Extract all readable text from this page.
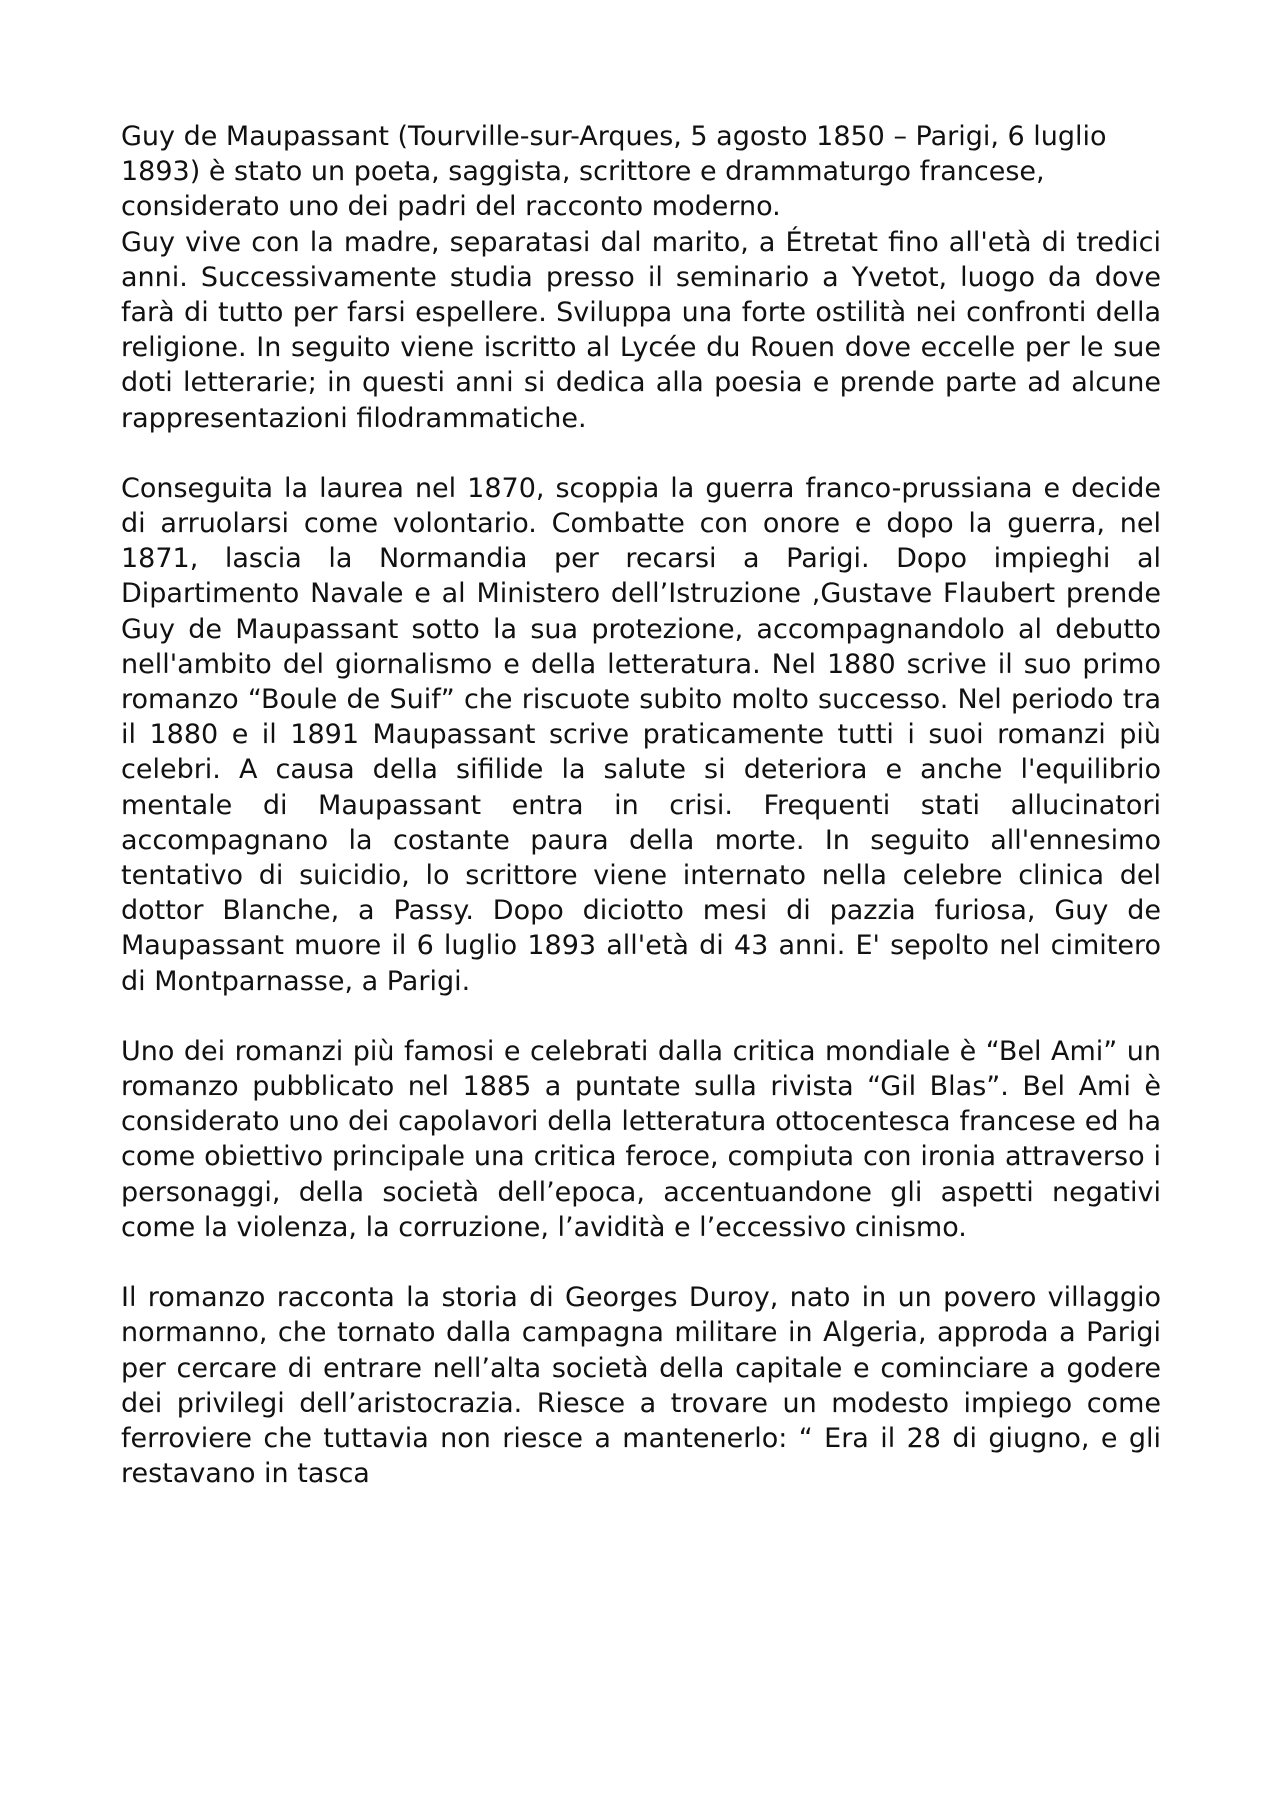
Guy de Maupassant (Tourville-sur-Arques, 5 agosto 1850 – Parigi, 6 luglio 1893) è stato un poeta, saggista, scrittore e drammaturgo francese, considerato uno dei padri del racconto moderno.

Guy vive con la madre, separatasi dal marito, a Étretat fino all'età di tredici anni. Successivamente studia presso il seminario a Yvetot, luogo da dove farà di tutto per farsi espellere. Sviluppa una forte ostilità nei confronti della religione. In seguito viene iscritto al Lycée du Rouen dove eccelle per le sue doti letterarie; in questi anni si dedica alla poesia e prende parte ad alcune rappresentazioni filodrammatiche.

Conseguita la laurea nel 1870, scoppia la guerra franco-prussiana e decide di arruolarsi come volontario. Combatte con onore e dopo la guerra, nel 1871, lascia la Normandia per recarsi a Parigi. Dopo impieghi al Dipartimento Navale e al Ministero dell’Istruzione ,Gustave Flaubert prende Guy de Maupassant sotto la sua protezione, accompagnandolo al debutto nell'ambito del giornalismo e della letteratura. Nel 1880 scrive il suo primo romanzo “Boule de Suif” che riscuote subito molto successo. Nel periodo tra il 1880 e il 1891 Maupassant scrive praticamente tutti i suoi romanzi più celebri. A causa della sifilide la salute si deteriora e anche l'equilibrio mentale di Maupassant entra in crisi. Frequenti stati allucinatori accompagnano la costante paura della morte. In seguito all'ennesimo tentativo di suicidio, lo scrittore viene internato nella celebre clinica del dottor Blanche, a Passy. Dopo diciotto mesi di pazzia furiosa, Guy de Maupassant muore il 6 luglio 1893 all'età di 43 anni. E' sepolto nel cimitero di Montparnasse, a Parigi.

Uno dei romanzi più famosi e celebrati dalla critica mondiale è “Bel Ami” un romanzo pubblicato nel 1885 a puntate sulla rivista “Gil Blas”. Bel Ami è considerato uno dei capolavori della letteratura ottocentesca francese ed ha come obiettivo principale una critica feroce, compiuta con ironia attraverso i personaggi, della società dell’epoca, accentuandone gli aspetti negativi come la violenza, la corruzione, l’avidità e l’eccessivo cinismo.

Il romanzo racconta la storia di Georges Duroy, nato in un povero villaggio normanno, che tornato dalla campagna militare in Algeria, approda a Parigi per cercare di entrare nell’alta società della capitale e cominciare a godere dei privilegi dell’aristocrazia. Riesce a trovare un modesto impiego come ferroviere che tuttavia non riesce a mantenerlo: “ Era il 28 di giugno, e gli restavano in tasca
